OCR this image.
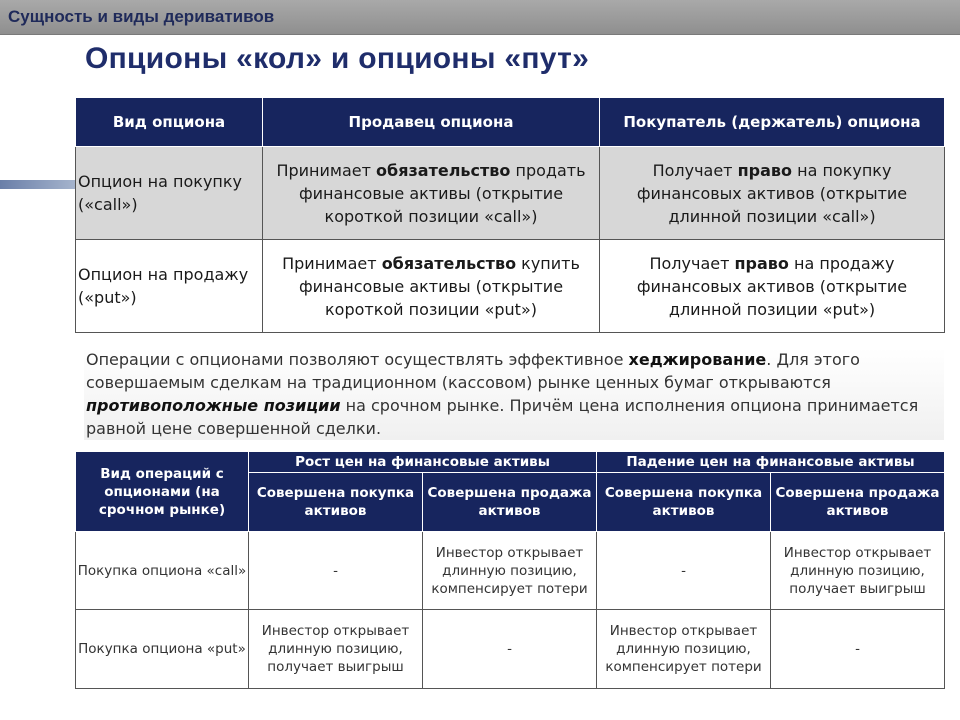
Сущность и виды деривативов
Опционы «кол» и опционы «пут»
Вид опциона	Продавец опциона	Покупатель (держатель) опциона
Опцион на покупку («call»)	Принимает обязательство продать финансовые активы (открытие короткой позиции «call»)	Получает право на покупку финансовых активов (открытие длинной позиции «call»)
Опцион на продажу («put»)	Принимает обязательство купить финансовые активы (открытие короткой позиции «put»)	Получает право на продажу финансовых активов (открытие длинной позиции «put»)
Операции с опционами позволяют осуществлять эффективное хеджирование. Для этого совершаемым сделкам на традиционном (кассовом) рынке ценных бумаг открываются противоположные позиции на срочном рынке. Причём цена исполнения опциона принимается равной цене совершенной сделки.
Вид операций с опционами (на срочном рынке)	Рост цен на финансовые активы		Падение цен на финансовые активы	
	Совершена покупка активов	Совершена продажа активов	Совершена покупка активов	Совершена продажа активов
Покупка опциона «call»	-	Инвестор открывает длинную позицию, компенсирует потери	-	Инвестор открывает длинную позицию, получает выигрыш
Покупка опциона «put»	Инвестор открывает длинную позицию, получает выигрыш	-	Инвестор открывает длинную позицию, компенсирует потери	-
